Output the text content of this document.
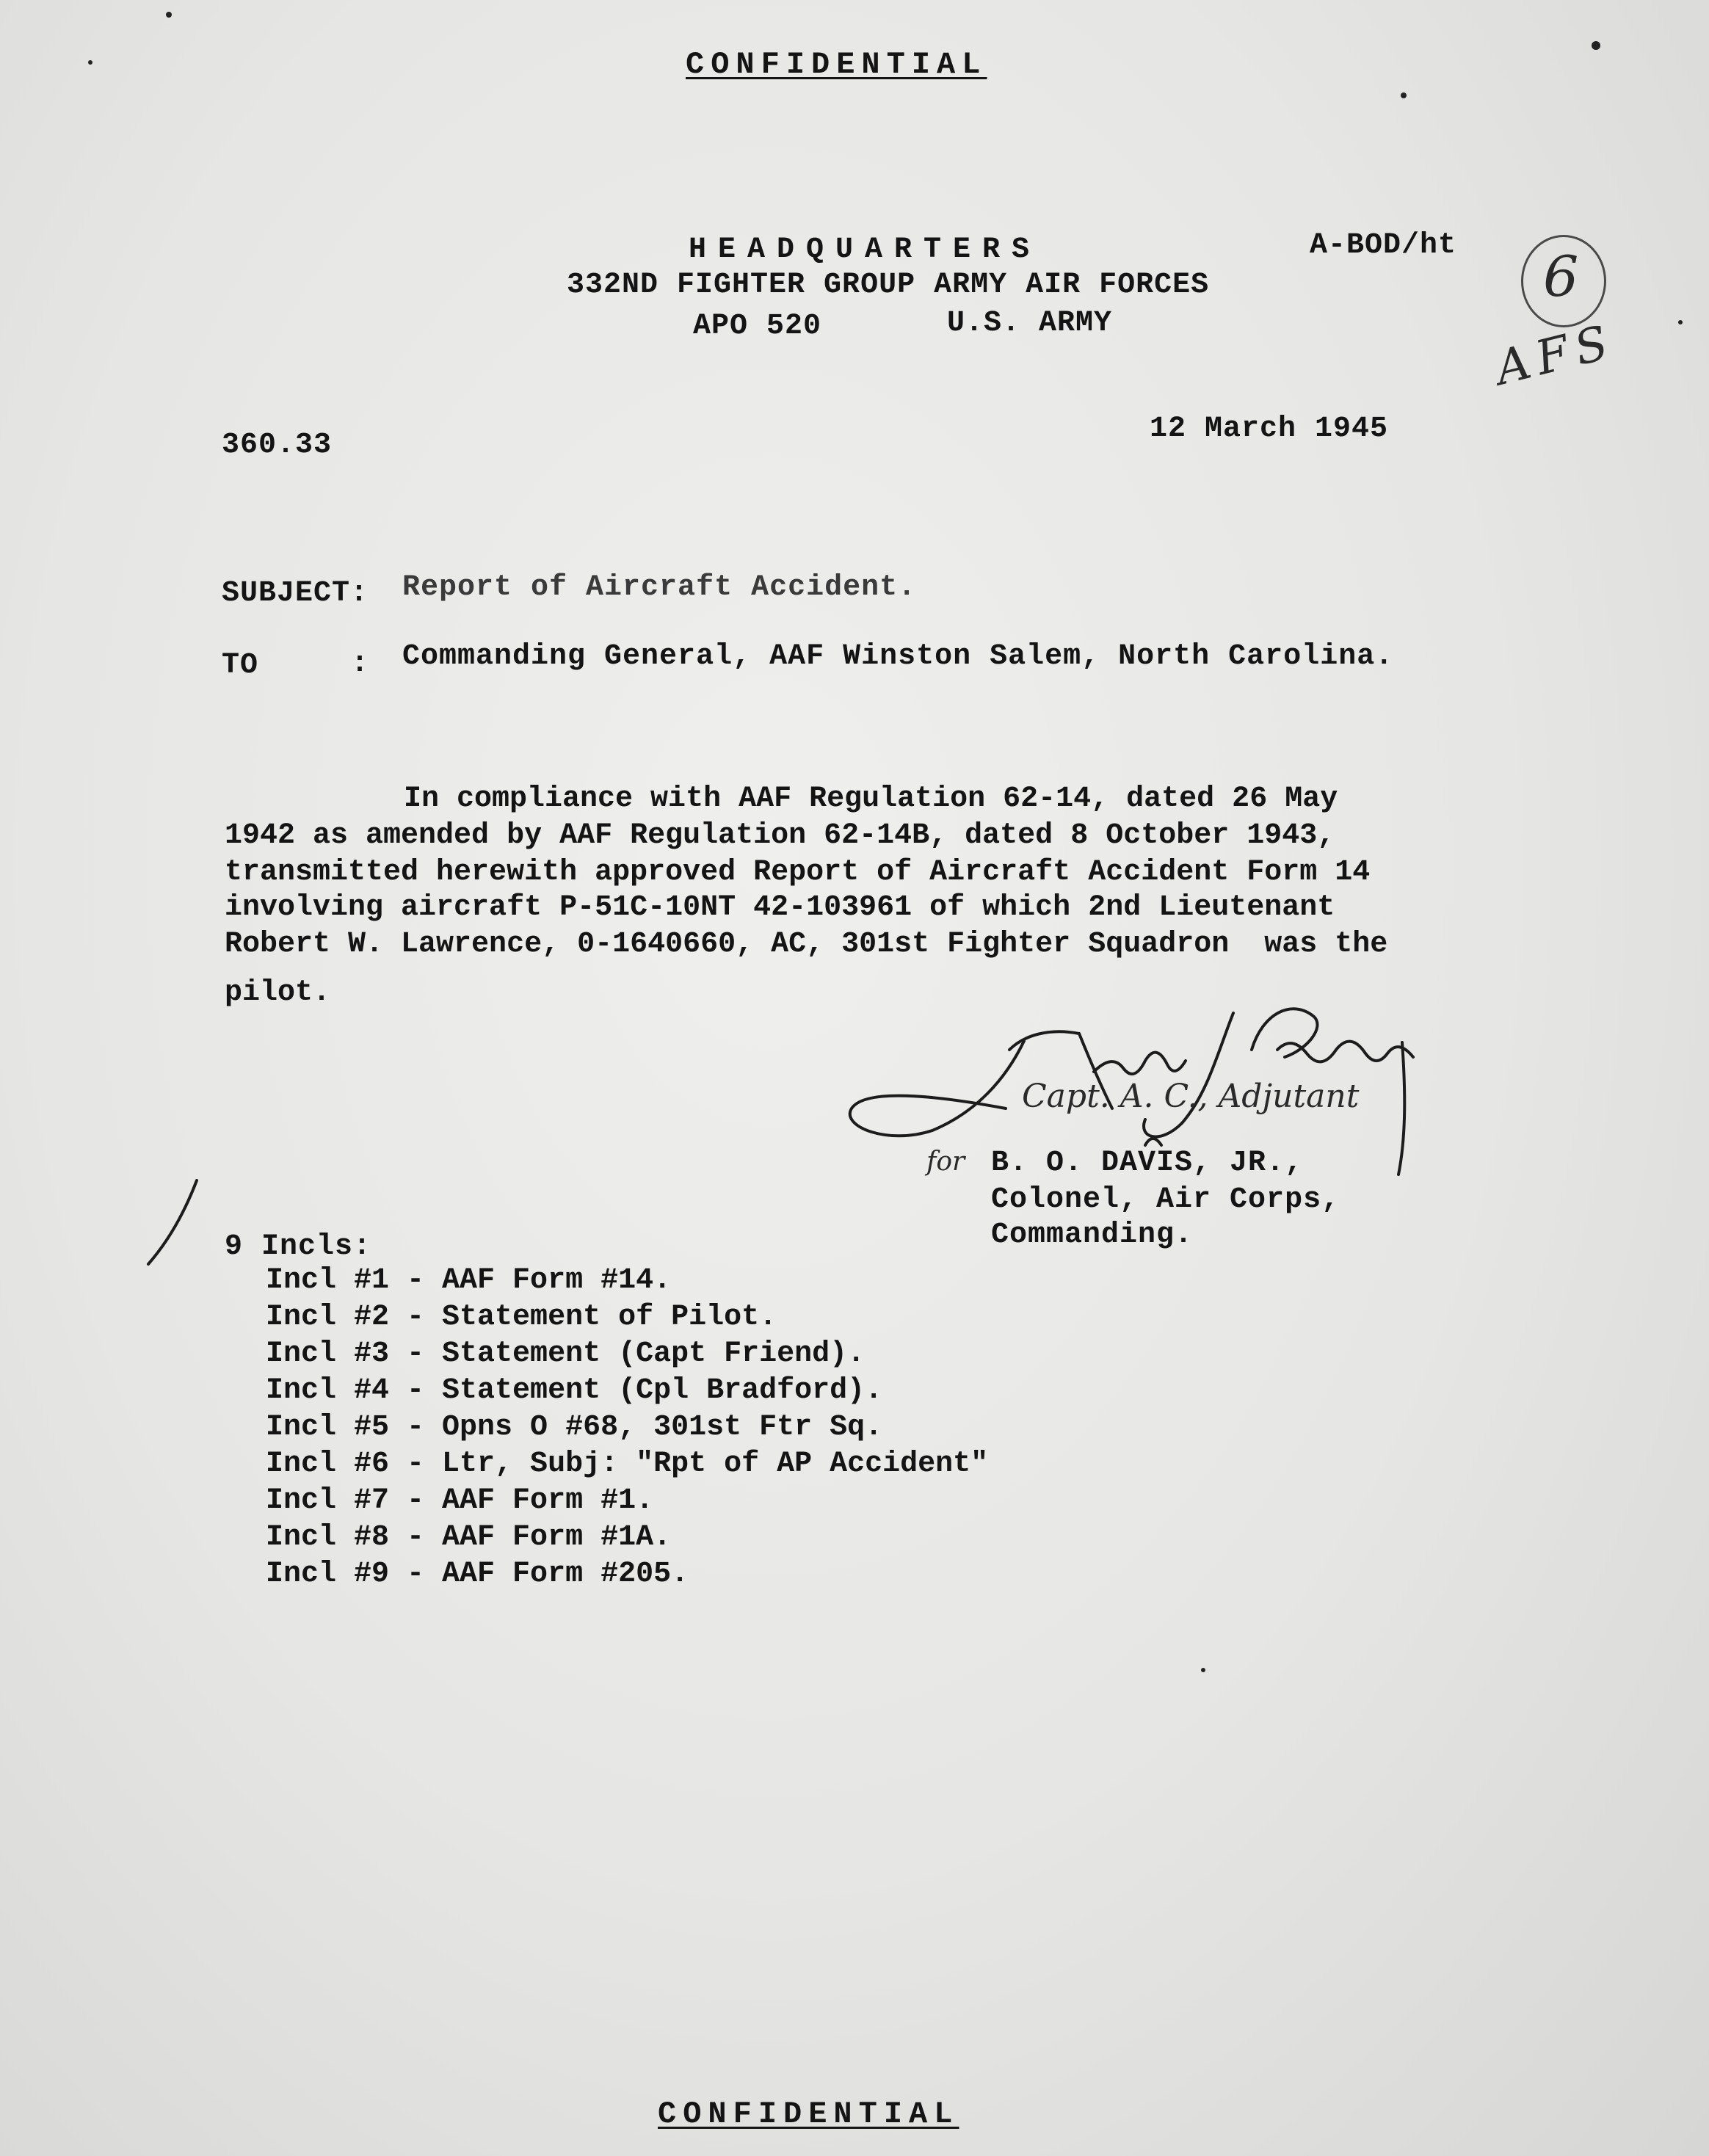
CONFIDENTIAL
HEADQUARTERS	A-BOD/ht
332ND FIGHTER GROUP ARMY AIR FORCES
APO 520	U.S. ARMY
6
AFS
360.33	12 March 1945
SUBJECT: Report of Aircraft Accident.
TO	: Commanding General, AAF Winston Salem, North Carolina.
In compliance with AAF Regulation 62-14, dated 26 May
1942 as amended by AAF Regulation 62-14B, dated 8 October 1943,
transmitted herewith approved Report of Aircraft Accident Form 14
involving aircraft P-51C-10NT 42-103961 of which 2nd Lieutenant
Robert W. Lawrence, 0-1640660, AC, 301st Fighter Squadron  was the
pilot.
Capt. A. C., Adjutant
for B. O. DAVIS, JR.,
Colonel, Air Corps,
Commanding.
9 Incls:
Incl #1 - AAF Form #14.
Incl #2 - Statement of Pilot.
Incl #3 - Statement (Capt Friend).
Incl #4 - Statement (Cpl Bradford).
Incl #5 - Opns O #68, 301st Ftr Sq.
Incl #6 - Ltr, Subj: "Rpt of AP Accident"
Incl #7 - AAF Form #1.
Incl #8 - AAF Form #1A.
Incl #9 - AAF Form #205.
CONFIDENTIAL
